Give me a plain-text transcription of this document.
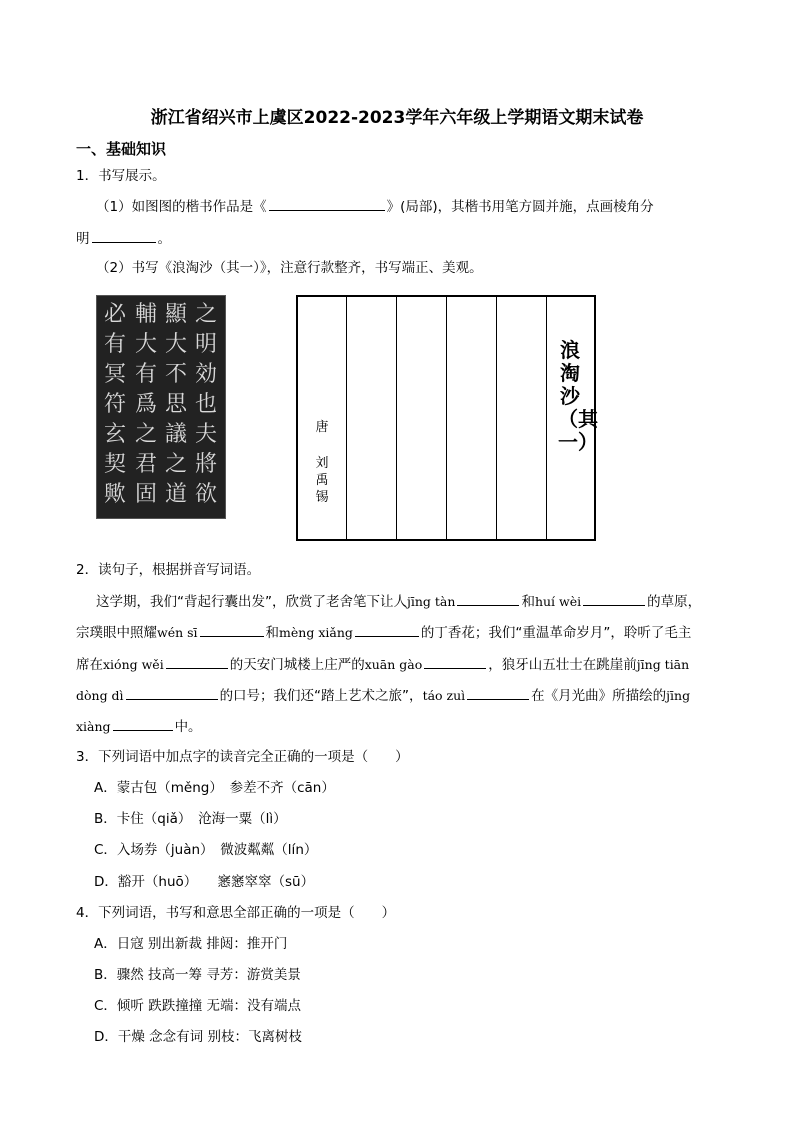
浙江省绍兴市上虞区2022-2023学年六年级上学期语文期末试卷
一、基础知识
1．书写展示。
（1）如图图的楷书作品是《	》(局部)，其楷书用笔方圆并施，点画棱角分
明	。
（2）书写《浪淘沙（其一）》，注意行款整齐，书写端正、美观。
之明効也夫將欲
顯大不思議之道
輔大有爲之君固
必有冥符玄契歟
唐
刘禹锡
浪淘沙（其一）
2．读句子，根据拼音写词语。
这学期，我们“背起行囊出发”，欣赏了老舍笔下让人jīng tàn	和huí wèi	的草原，
宗璞眼中照耀wén sī	和mèng xiǎng	的丁香花；我们“重温革命岁月”，聆听了毛主
席在xióng wěi	的天安门城楼上庄严的xuān gào	，狼牙山五壮士在跳崖前jīng tiān
dòng dì	的口号；我们还“踏上艺术之旅”，táo zuì	在《月光曲》所描绘的jīng
xiàng	中。
3．下列词语中加点字的读音完全正确的一项是（　　）
A．蒙古包（měng）　参差不齐（cān）
B．卡住（qiǎ）　沧海一粟（lì）
C．入场券（juàn）　微波粼粼（lín）
D．豁开（huō）　　窸窸窣窣（sū）
4．下列词语，书写和意思全部正确的一项是（　　）
A．日寇 别出新裁 排闼：推开门
B．骤然 技高一筹 寻芳：游赏美景
C．倾听 跌跌撞撞 无端：没有端点
D．干燥 念念有词 别枝：飞离树枝
